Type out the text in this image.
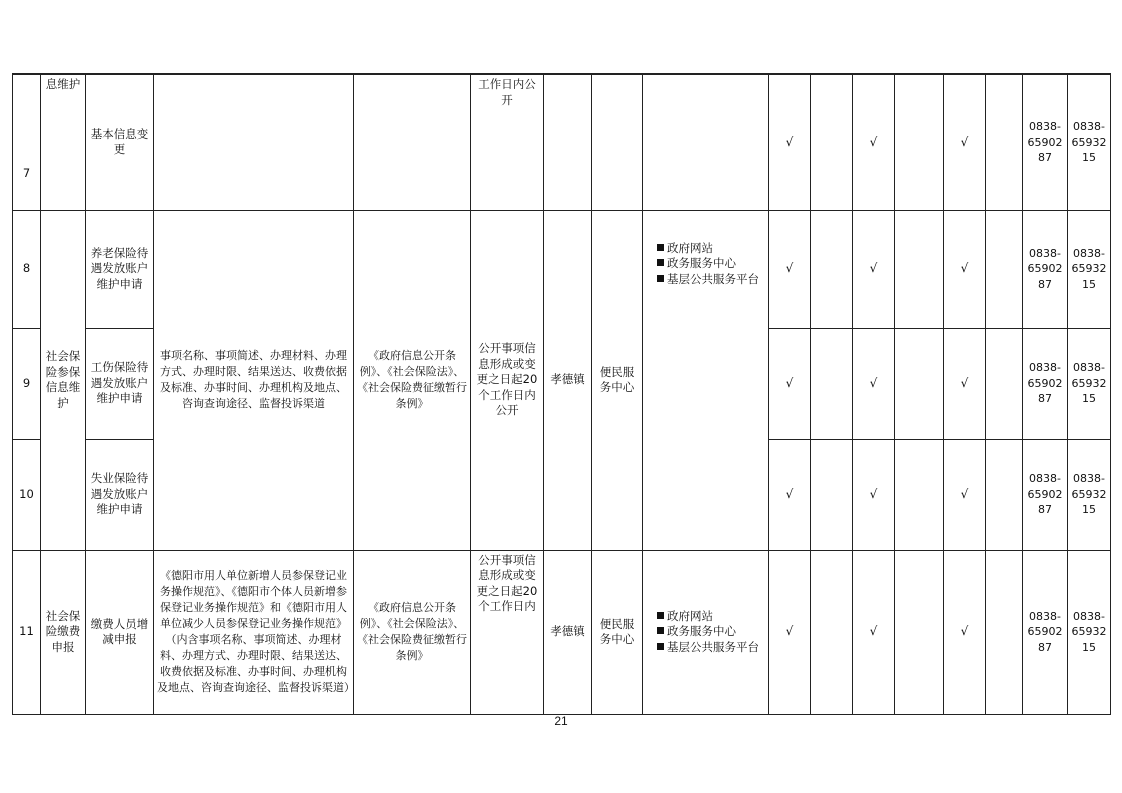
7	息维护	基本信息变更			工作日内公开				√		√		√		0838-6590287	0838-6593215
8	社会保险参保信息维护	养老保险待遇发放账户维护申请	事项名称、事项简述、办理材料、办理方式、办理时限、结果送达、收费依据及标准、办事时间、办理机构及地点、咨询查询途径、监督投诉渠道	《政府信息公开条例》、《社会保险法》、《社会保险费征缴暂行条例》	公开事项信息形成或变更之日起20个工作日内公开	孝德镇	便民服务中心	政府网站
政务服务中心
基层公共服务平台	√		√		√		0838-6590287	0838-6593215
9		工伤保险待遇发放账户维护申请							√		√		√		0838-6590287	0838-6593215
10		失业保险待遇发放账户维护申请							√		√		√		0838-6590287	0838-6593215
11	社会保险缴费申报	缴费人员增减申报	《德阳市用人单位新增人员参保登记业务操作规范》、《德阳市个体人员新增参保登记业务操作规范》和《德阳市用人单位减少人员参保登记业务操作规范》（内含事项名称、事项简述、办理材料、办理方式、办理时限、结果送达、收费依据及标准、办事时间、办理机构及地点、咨询查询途径、监督投诉渠道）	《政府信息公开条例》、《社会保险法》、《社会保险费征缴暂行条例》	公开事项信息形成或变更之日起20个工作日内	孝德镇	便民服务中心	政府网站
政务服务中心
基层公共服务平台	√		√		√		0838-6590287	0838-6593215
21
